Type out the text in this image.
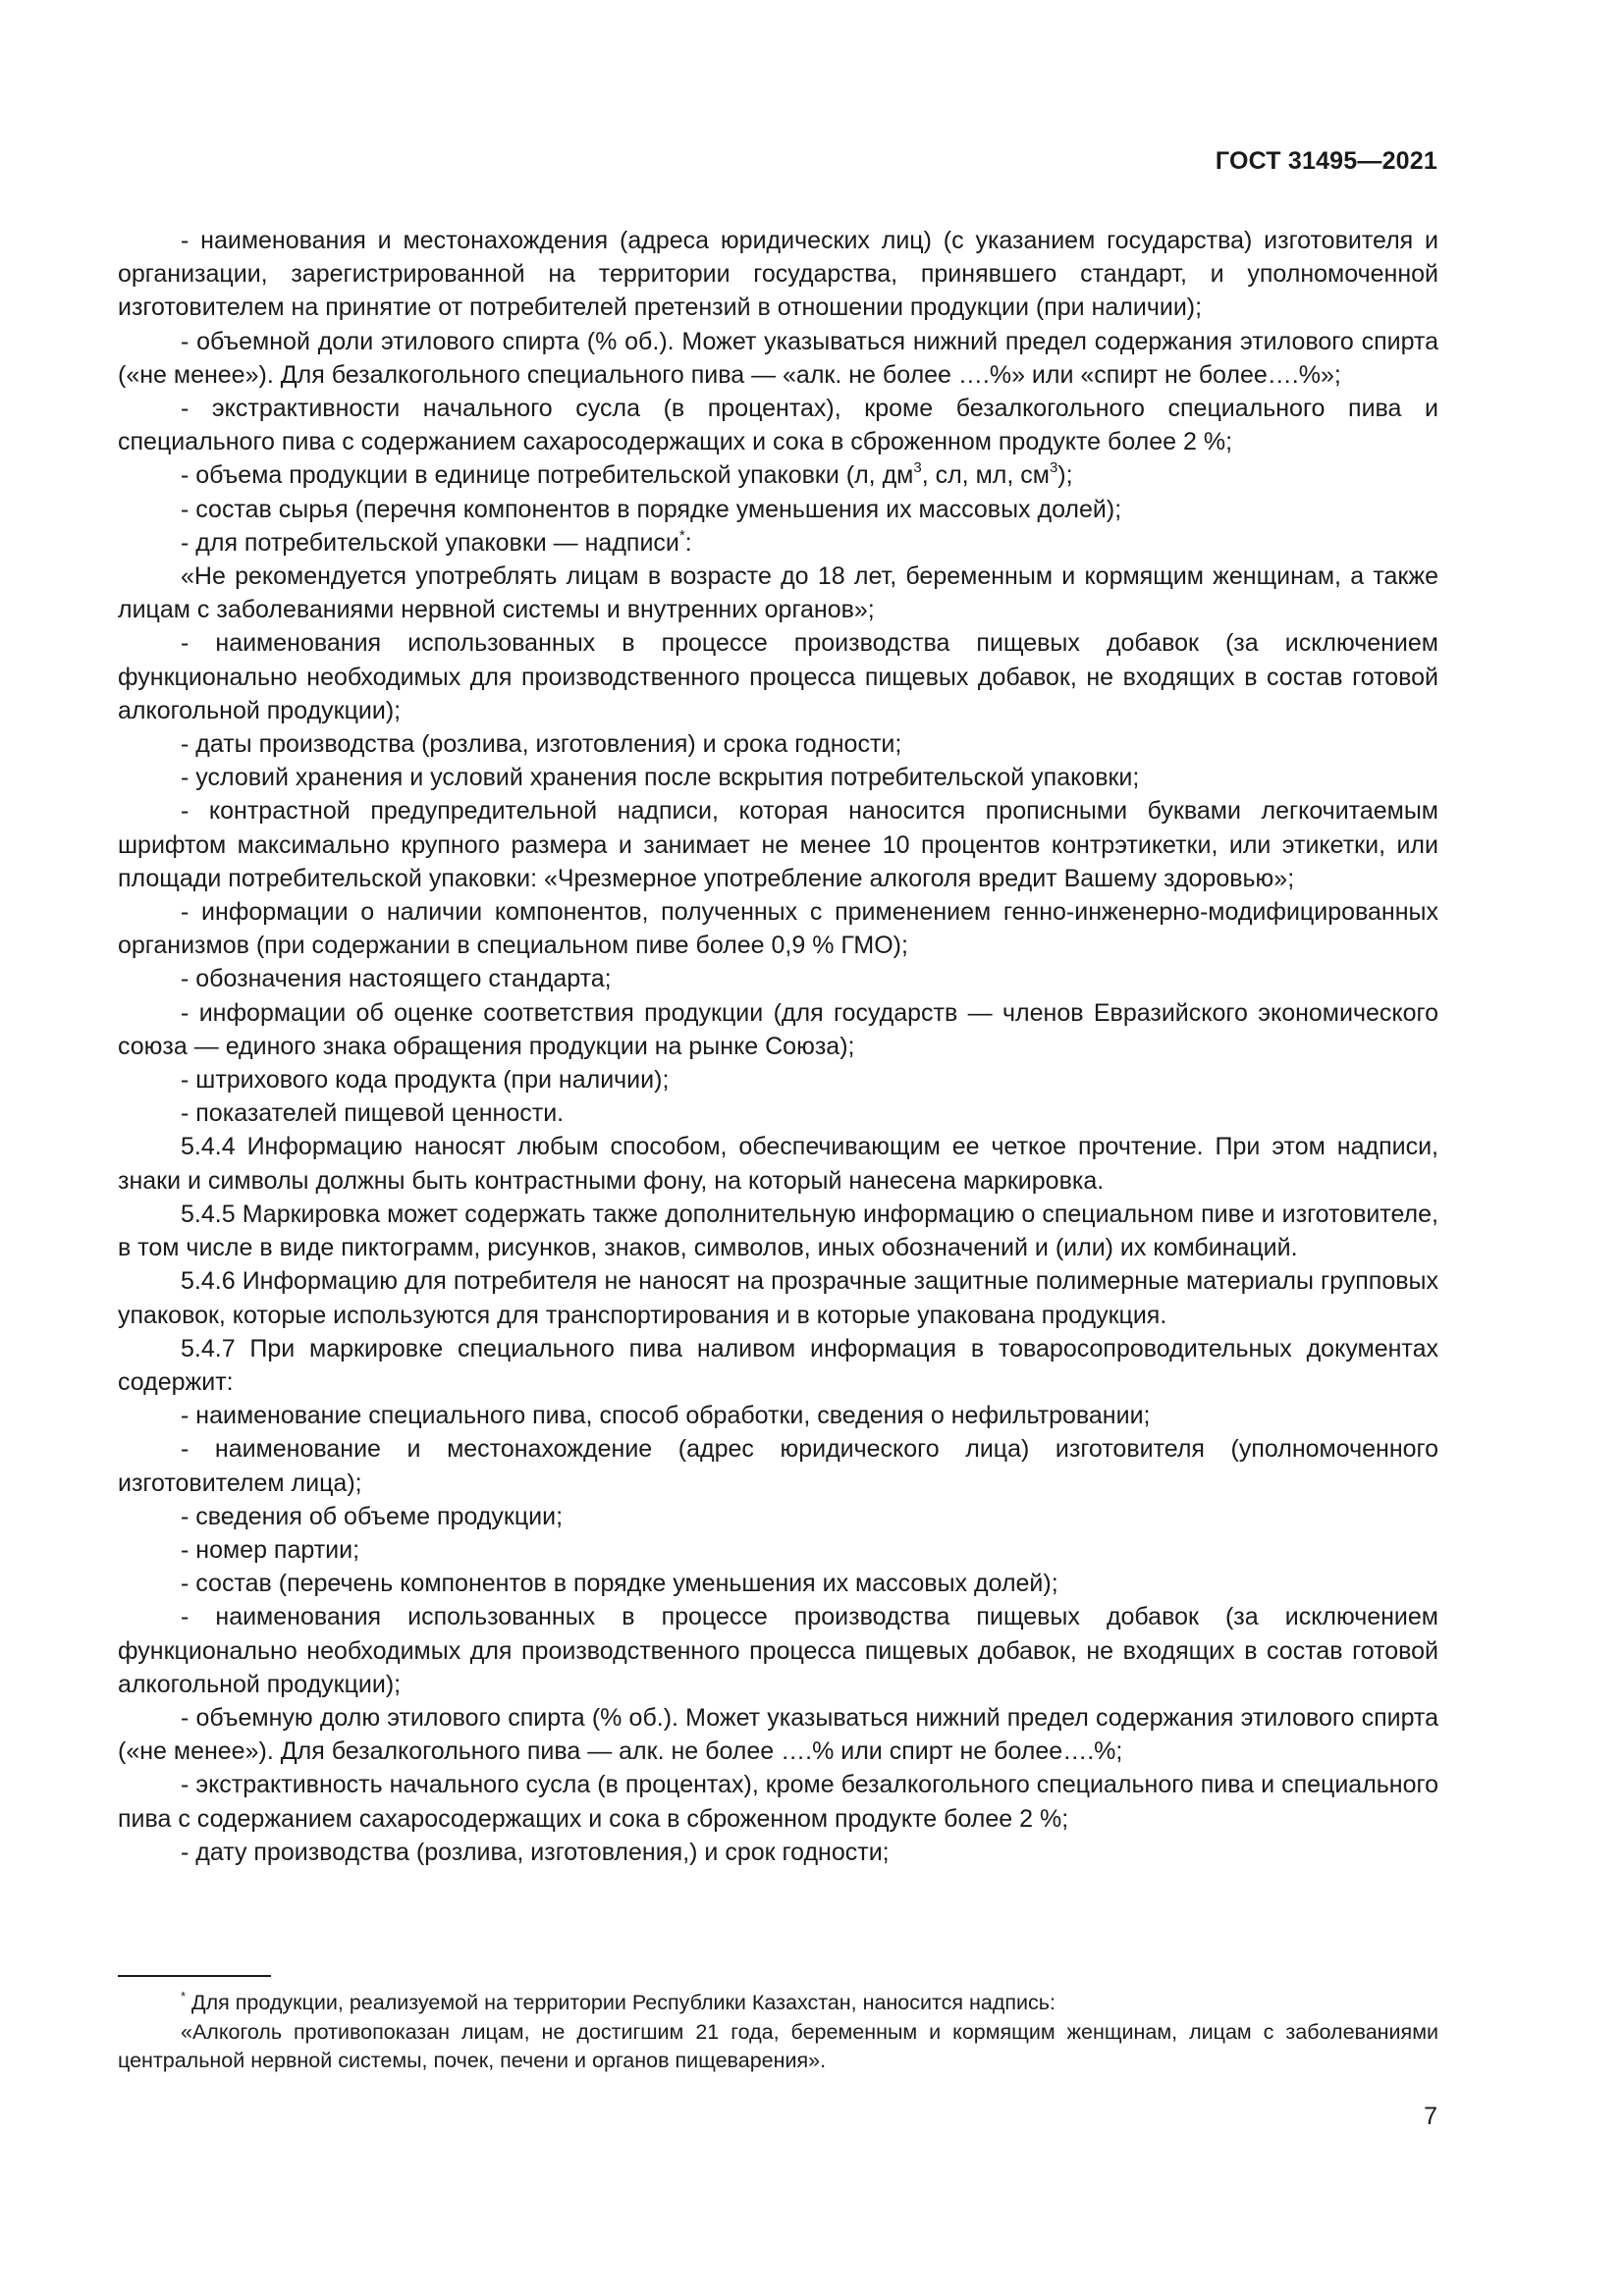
ГОСТ 31495—2021

- наименования и местонахождения (адреса юридических лиц) (с указанием государства) изготовителя и организации, зарегистрированной на территории государства, принявшего стандарт, и уполномоченной изготовителем на принятие от потребителей претензий в отношении продукции (при наличии);

- объемной доли этилового спирта (% об.). Может указываться нижний предел содержания этилового спирта («не менее»). Для безалкогольного специального пива — «алк. не более ….%» или «спирт не более….%»;

- экстрактивности начального сусла (в процентах), кроме безалкогольного специального пива и специального пива с содержанием сахаросодержащих и сока в сброженном продукте более 2 %;

- объема продукции в единице потребительской упаковки (л, $дм^3$, сл, мл, $см^3$);

- состав сырья (перечня компонентов в порядке уменьшения их массовых долей);

- для потребительской упаковки — надписи*:

«Не рекомендуется употреблять лицам в возрасте до 18 лет, беременным и кормящим женщинам, а также лицам с заболеваниями нервной системы и внутренних органов»;

- наименования использованных в процессе производства пищевых добавок (за исключением функционально необходимых для производственного процесса пищевых добавок, не входящих в состав готовой алкогольной продукции);

- даты производства (розлива, изготовления) и срока годности;

- условий хранения и условий хранения после вскрытия потребительской упаковки;

- контрастной предупредительной надписи, которая наносится прописными буквами легкочитаемым шрифтом максимально крупного размера и занимает не менее 10 процентов контрэтикетки, или этикетки, или площади потребительской упаковки: «Чрезмерное употребление алкоголя вредит Вашему здоровью»;

- информации о наличии компонентов, полученных с применением генно-инженерно-модифицированных организмов (при содержании в специальном пиве более 0,9 % ГМО);

- обозначения настоящего стандарта;

- информации об оценке соответствия продукции (для государств — членов Евразийского экономического союза — единого знака обращения продукции на рынке Союза);

- штрихового кода продукта (при наличии);

- показателей пищевой ценности.

5.4.4 Информацию наносят любым способом, обеспечивающим ее четкое прочтение. При этом надписи, знаки и символы должны быть контрастными фону, на который нанесена маркировка.

5.4.5 Маркировка может содержать также дополнительную информацию о специальном пиве и изготовителе, в том числе в виде пиктограмм, рисунков, знаков, символов, иных обозначений и (или) их комбинаций.

5.4.6 Информацию для потребителя не наносят на прозрачные защитные полимерные материалы групповых упаковок, которые используются для транспортирования и в которые упакована продукция.

5.4.7 При маркировке специального пива наливом информация в товаросопроводительных документах содержит:

- наименование специального пива, способ обработки, сведения о нефильтровании;

- наименование и местонахождение (адрес юридического лица) изготовителя (уполномоченного изготовителем лица);

- сведения об объеме продукции;

- номер партии;

- состав (перечень компонентов в порядке уменьшения их массовых долей);

- наименования использованных в процессе производства пищевых добавок (за исключением функционально необходимых для производственного процесса пищевых добавок, не входящих в состав готовой алкогольной продукции);

- объемную долю этилового спирта (% об.). Может указываться нижний предел содержания этилового спирта («не менее»). Для безалкогольного пива — алк. не более ….% или спирт не более….%;

- экстрактивность начального сусла (в процентах), кроме безалкогольного специального пива и специального пива с содержанием сахаросодержащих и сока в сброженном продукте более 2 %;

- дату производства (розлива, изготовления,) и срок годности;

* Для продукции, реализуемой на территории Республики Казахстан, наносится надпись:

«Алкоголь противопоказан лицам, не достигшим 21 года, беременным и кормящим женщинам, лицам с заболеваниями центральной нервной системы, почек, печени и органов пищеварения».

7
